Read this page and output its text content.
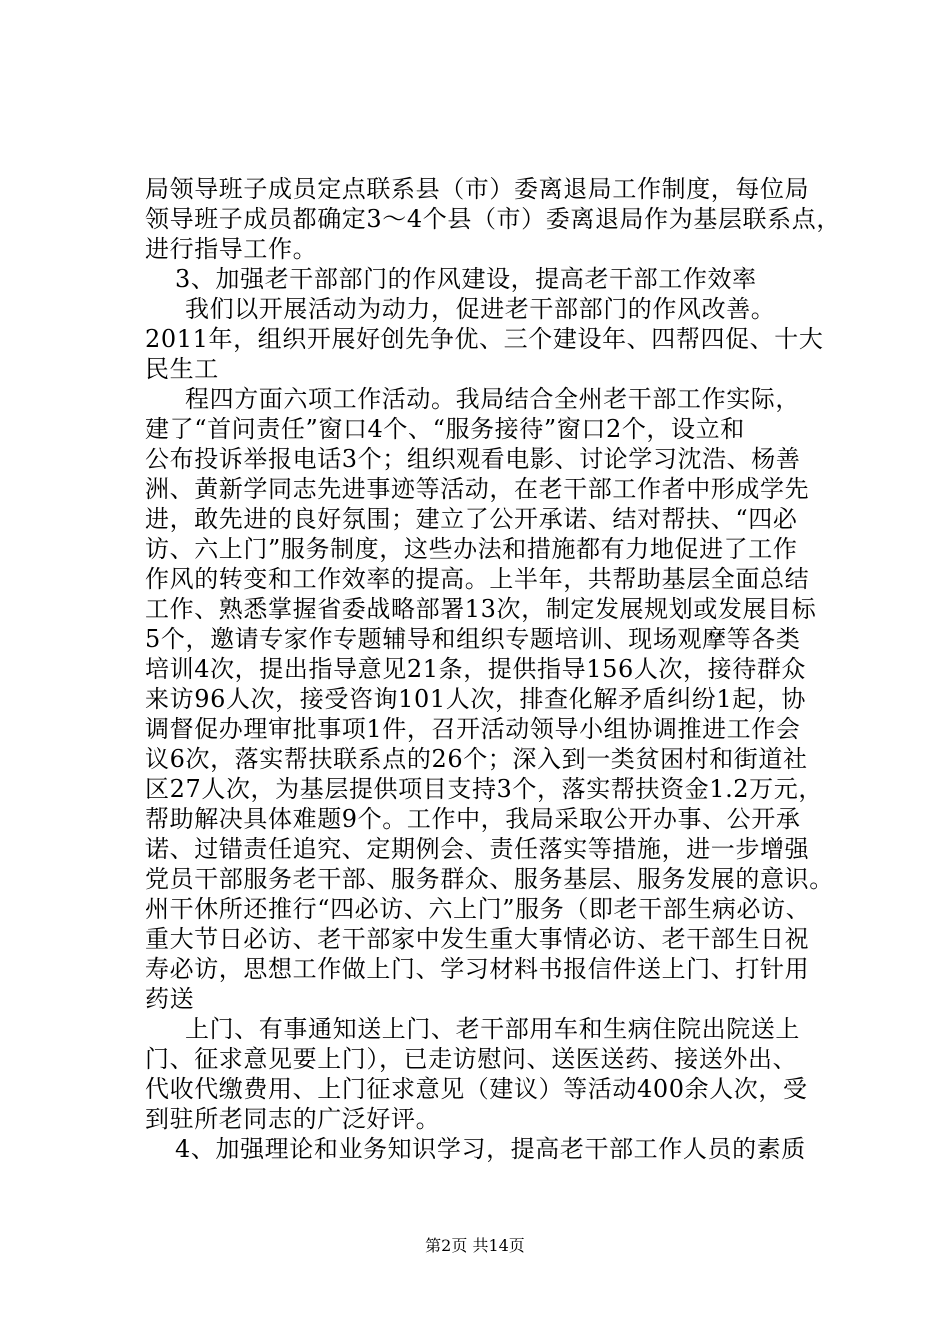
局领导班子成员定点联系县（市）委离退局工作制度，每位局
领导班子成员都确定3～4个县（市）委离退局作为基层联系点，
进行指导工作。
3、加强老干部部门的作风建设，提高老干部工作效率
我们以开展活动为动力，促进老干部部门的作风改善。
2011年，组织开展好创先争优、三个建设年、四帮四促、十大
民生工
程四方面六项工作活动。我局结合全州老干部工作实际，
建了“首问责任”窗口4个、“服务接待”窗口2个，设立和
公布投诉举报电话3个；组织观看电影、讨论学习沈浩、杨善
洲、黄新学同志先进事迹等活动，在老干部工作者中形成学先
进，敢先进的良好氛围；建立了公开承诺、结对帮扶、“四必
访、六上门”服务制度，这些办法和措施都有力地促进了工作
作风的转变和工作效率的提高。上半年，共帮助基层全面总结
工作、熟悉掌握省委战略部署13次，制定发展规划或发展目标
5个，邀请专家作专题辅导和组织专题培训、现场观摩等各类
培训4次，提出指导意见21条，提供指导156人次，接待群众
来访96人次，接受咨询101人次，排查化解矛盾纠纷1起，协
调督促办理审批事项1件，召开活动领导小组协调推进工作会
议6次，落实帮扶联系点的26个；深入到一类贫困村和街道社
区27人次，为基层提供项目支持3个，落实帮扶资金1.2万元，
帮助解决具体难题9个。工作中，我局采取公开办事、公开承
诺、过错责任追究、定期例会、责任落实等措施，进一步增强
党员干部服务老干部、服务群众、服务基层、服务发展的意识。
州干休所还推行“四必访、六上门”服务（即老干部生病必访、
重大节日必访、老干部家中发生重大事情必访、老干部生日祝
寿必访，思想工作做上门、学习材料书报信件送上门、打针用
药送
上门、有事通知送上门、老干部用车和生病住院出院送上
门、征求意见要上门），已走访慰问、送医送药、接送外出、
代收代缴费用、上门征求意见（建议）等活动400余人次，受
到驻所老同志的广泛好评。
4、加强理论和业务知识学习，提高老干部工作人员的素质
第2页 共14页
